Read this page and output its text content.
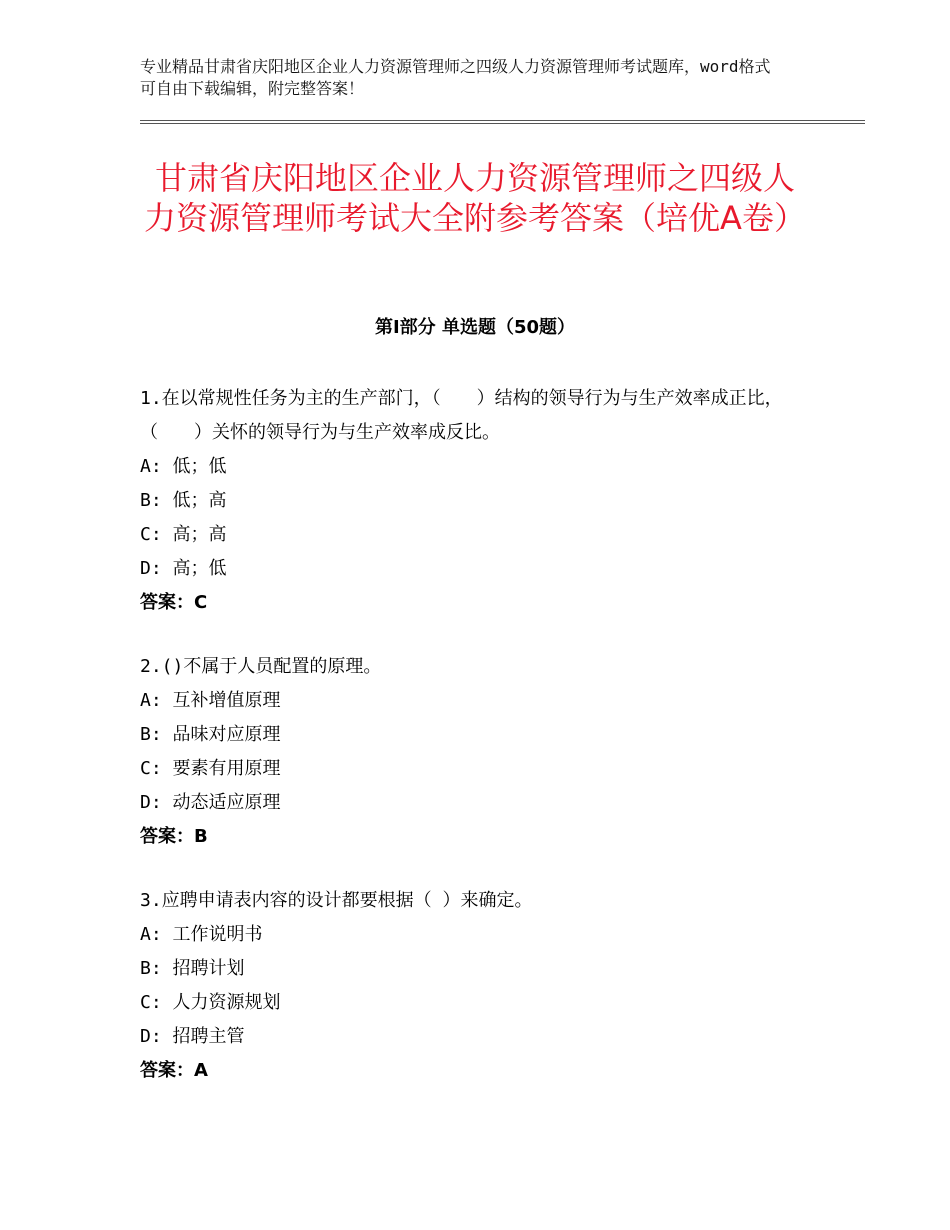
专业精品甘肃省庆阳地区企业人力资源管理师之四级人力资源管理师考试题库，word格式可自由下载编辑，附完整答案！
甘肃省庆阳地区企业人力资源管理师之四级人力资源管理师考试大全附参考答案（培优A卷）
第Ⅰ部分 单选题（50题）

1.在以常规性任务为主的生产部门，（　　）结构的领导行为与生产效率成正比，（　　）关怀的领导行为与生产效率成反比。

A: 低；低

B: 低；高

C: 高；高

D: 高；低

答案：C

2.()不属于人员配置的原理。

A: 互补增值原理

B: 品味对应原理

C: 要素有用原理

D: 动态适应原理

答案：B

3.应聘申请表内容的设计都要根据（ ）来确定。

A: 工作说明书

B: 招聘计划

C: 人力资源规划

D: 招聘主管

答案：A
